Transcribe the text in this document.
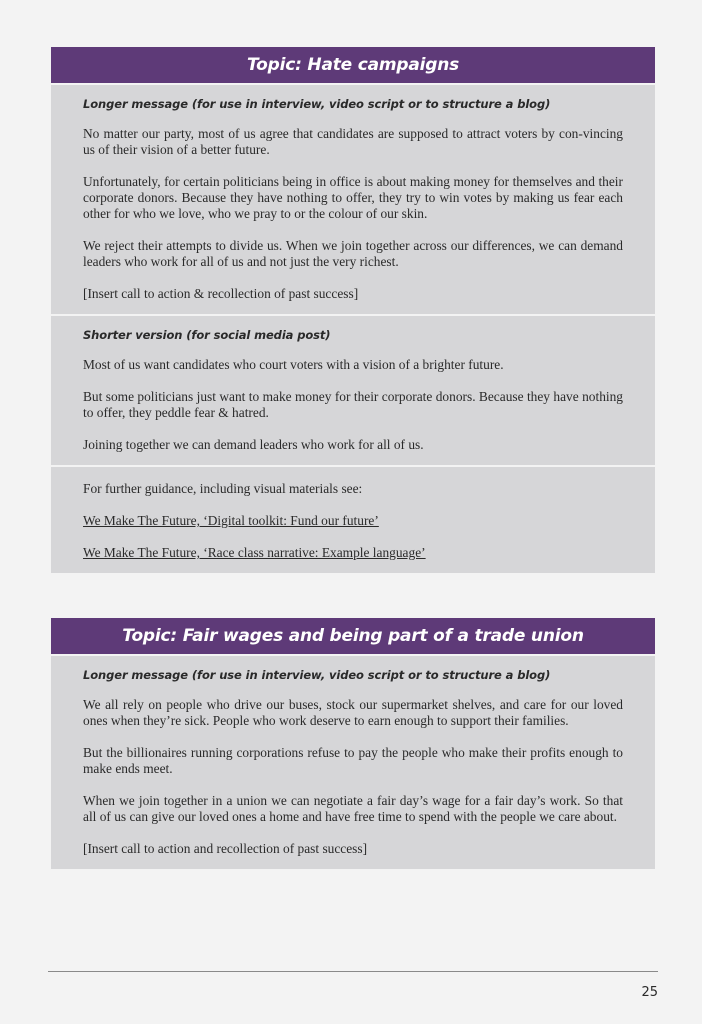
Topic: Hate campaigns
Longer message (for use in interview, video script or to structure a blog)

No matter our party, most of us agree that candidates are supposed to attract voters by con-vincing us of their vision of a better future.

Unfortunately, for certain politicians being in office is about making money for themselves and their corporate donors. Because they have nothing to offer, they try to win votes by making us fear each other for who we love, who we pray to or the colour of our skin.

We reject their attempts to divide us. When we join together across our differences, we can demand leaders who work for all of us and not just the very richest.

[Insert call to action & recollection of past success]

Shorter version (for social media post)

Most of us want candidates who court voters with a vision of a brighter future.

But some politicians just want to make money for their corporate donors. Because they have nothing to offer, they peddle fear & hatred.

Joining together we can demand leaders who work for all of us.

For further guidance, including visual materials see:

We Make The Future, ‘Digital toolkit: Fund our future’

We Make The Future, ‘Race class narrative: Example language’

Topic: Fair wages and being part of a trade union
Longer message (for use in interview, video script or to structure a blog)

We all rely on people who drive our buses, stock our supermarket shelves, and care for our loved ones when they’re sick. People who work deserve to earn enough to support their families.

But the billionaires running corporations refuse to pay the people who make their profits enough to make ends meet.

When we join together in a union we can negotiate a fair day’s wage for a fair day’s work. So that all of us can give our loved ones a home and have free time to spend with the people we care about.

[Insert call to action and recollection of past success]

25
